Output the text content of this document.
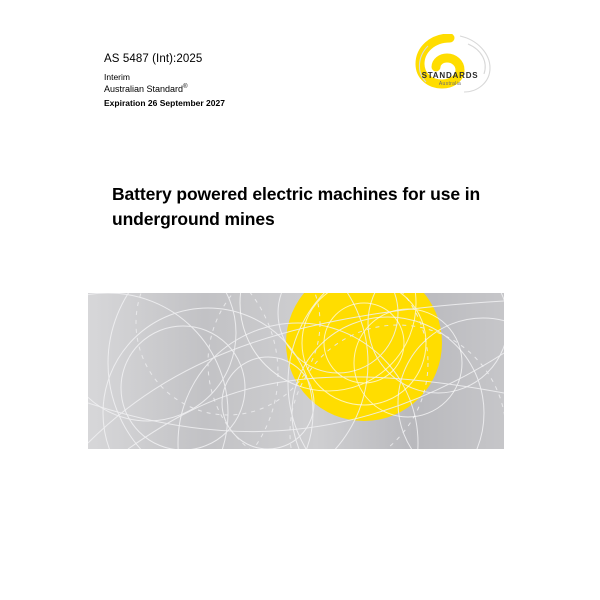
AS 5487 (Int):2025
Interim
Australian Standard®
Expiration 26 September 2027
STANDARDS
Australia
Battery powered electric machines for use in underground mines
